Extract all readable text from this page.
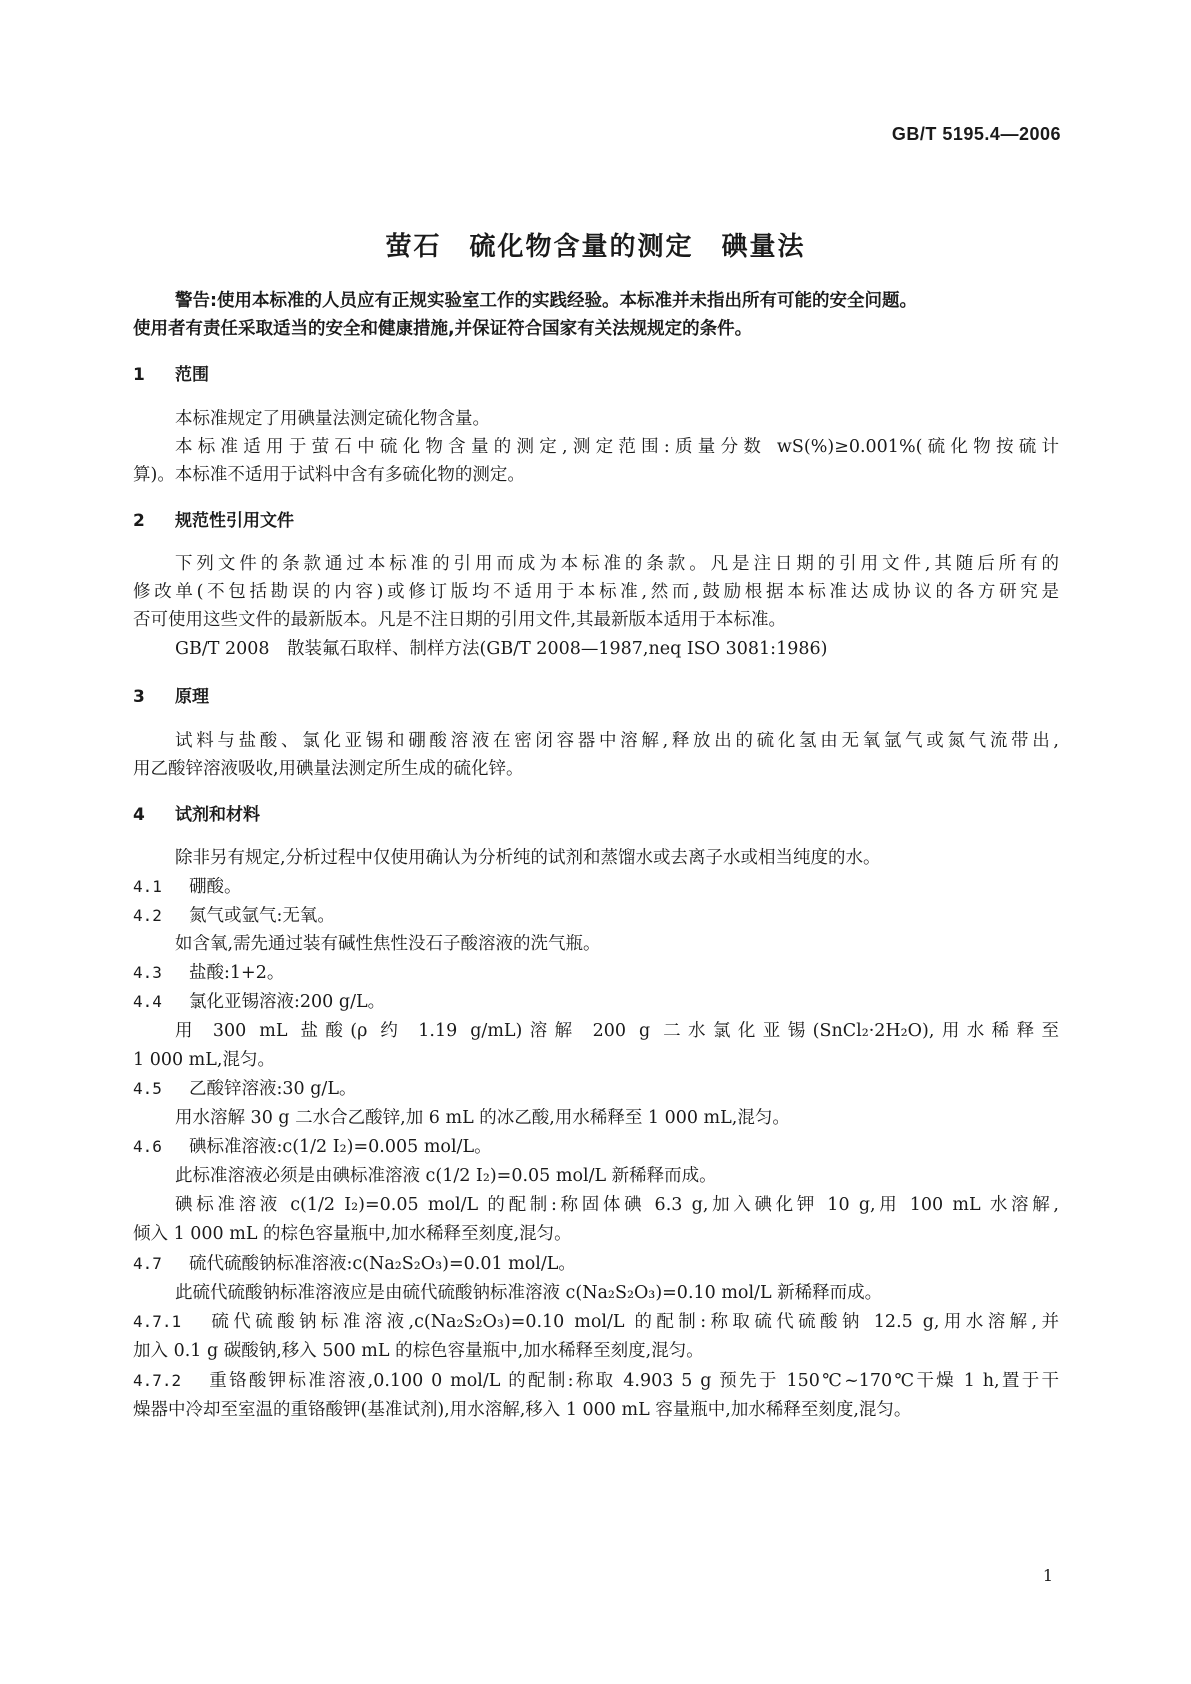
GB/T 5195.4—2006
萤石　硫化物含量的测定　碘量法
警告:使用本标准的人员应有正规实验室工作的实践经验。本标准并未指出所有可能的安全问题。
使用者有责任采取适当的安全和健康措施,并保证符合国家有关法规规定的条件。
1 范围
本标准规定了用碘量法测定硫化物含量。
本标准适用于萤石中硫化物含量的测定,测定范围:质量分数 wS(%)≥0.001%(硫化物按硫计
算)。本标准不适用于试料中含有多硫化物的测定。
2 规范性引用文件
下列文件的条款通过本标准的引用而成为本标准的条款。凡是注日期的引用文件,其随后所有的
修改单(不包括勘误的内容)或修订版均不适用于本标准,然而,鼓励根据本标准达成协议的各方研究是
否可使用这些文件的最新版本。凡是不注日期的引用文件,其最新版本适用于本标准。
GB/T 2008　散装氟石取样、制样方法(GB/T 2008—1987,neq ISO 3081:1986)
3 原理
试料与盐酸、氯化亚锡和硼酸溶液在密闭容器中溶解,释放出的硫化氢由无氧氩气或氮气流带出,
用乙酸锌溶液吸收,用碘量法测定所生成的硫化锌。
4 试剂和材料
除非另有规定,分析过程中仅使用确认为分析纯的试剂和蒸馏水或去离子水或相当纯度的水。
4.1 硼酸。
4.2 氮气或氩气:无氧。
如含氧,需先通过装有碱性焦性没石子酸溶液的洗气瓶。
4.3 盐酸:1+2。
4.4 氯化亚锡溶液:200 g/L。
用 300 mL 盐酸(ρ 约 1.19 g/mL)溶解 200 g 二水氯化亚锡(SnCl₂·2H₂O),用水稀释至
1 000 mL,混匀。
4.5 乙酸锌溶液:30 g/L。
用水溶解 30 g 二水合乙酸锌,加 6 mL 的冰乙酸,用水稀释至 1 000 mL,混匀。
4.6 碘标准溶液:c(1/2 I₂)=0.005 mol/L。
此标准溶液必须是由碘标准溶液 c(1/2 I₂)=0.05 mol/L 新稀释而成。
碘标准溶液 c(1/2 I₂)=0.05 mol/L 的配制:称固体碘 6.3 g,加入碘化钾 10 g,用 100 mL 水溶解,
倾入 1 000 mL 的棕色容量瓶中,加水稀释至刻度,混匀。
4.7 硫代硫酸钠标准溶液:c(Na₂S₂O₃)=0.01 mol/L。
此硫代硫酸钠标准溶液应是由硫代硫酸钠标准溶液 c(Na₂S₂O₃)=0.10 mol/L 新稀释而成。
4.7.1 硫代硫酸钠标准溶液,c(Na₂S₂O₃)=0.10 mol/L 的配制:称取硫代硫酸钠 12.5 g,用水溶解,并
加入 0.1 g 碳酸钠,移入 500 mL 的棕色容量瓶中,加水稀释至刻度,混匀。
4.7.2 重铬酸钾标准溶液,0.100 0 mol/L 的配制:称取 4.903 5 g 预先于 150℃~170℃干燥 1 h,置于干
燥器中冷却至室温的重铬酸钾(基准试剂),用水溶解,移入 1 000 mL 容量瓶中,加水稀释至刻度,混匀。
1
